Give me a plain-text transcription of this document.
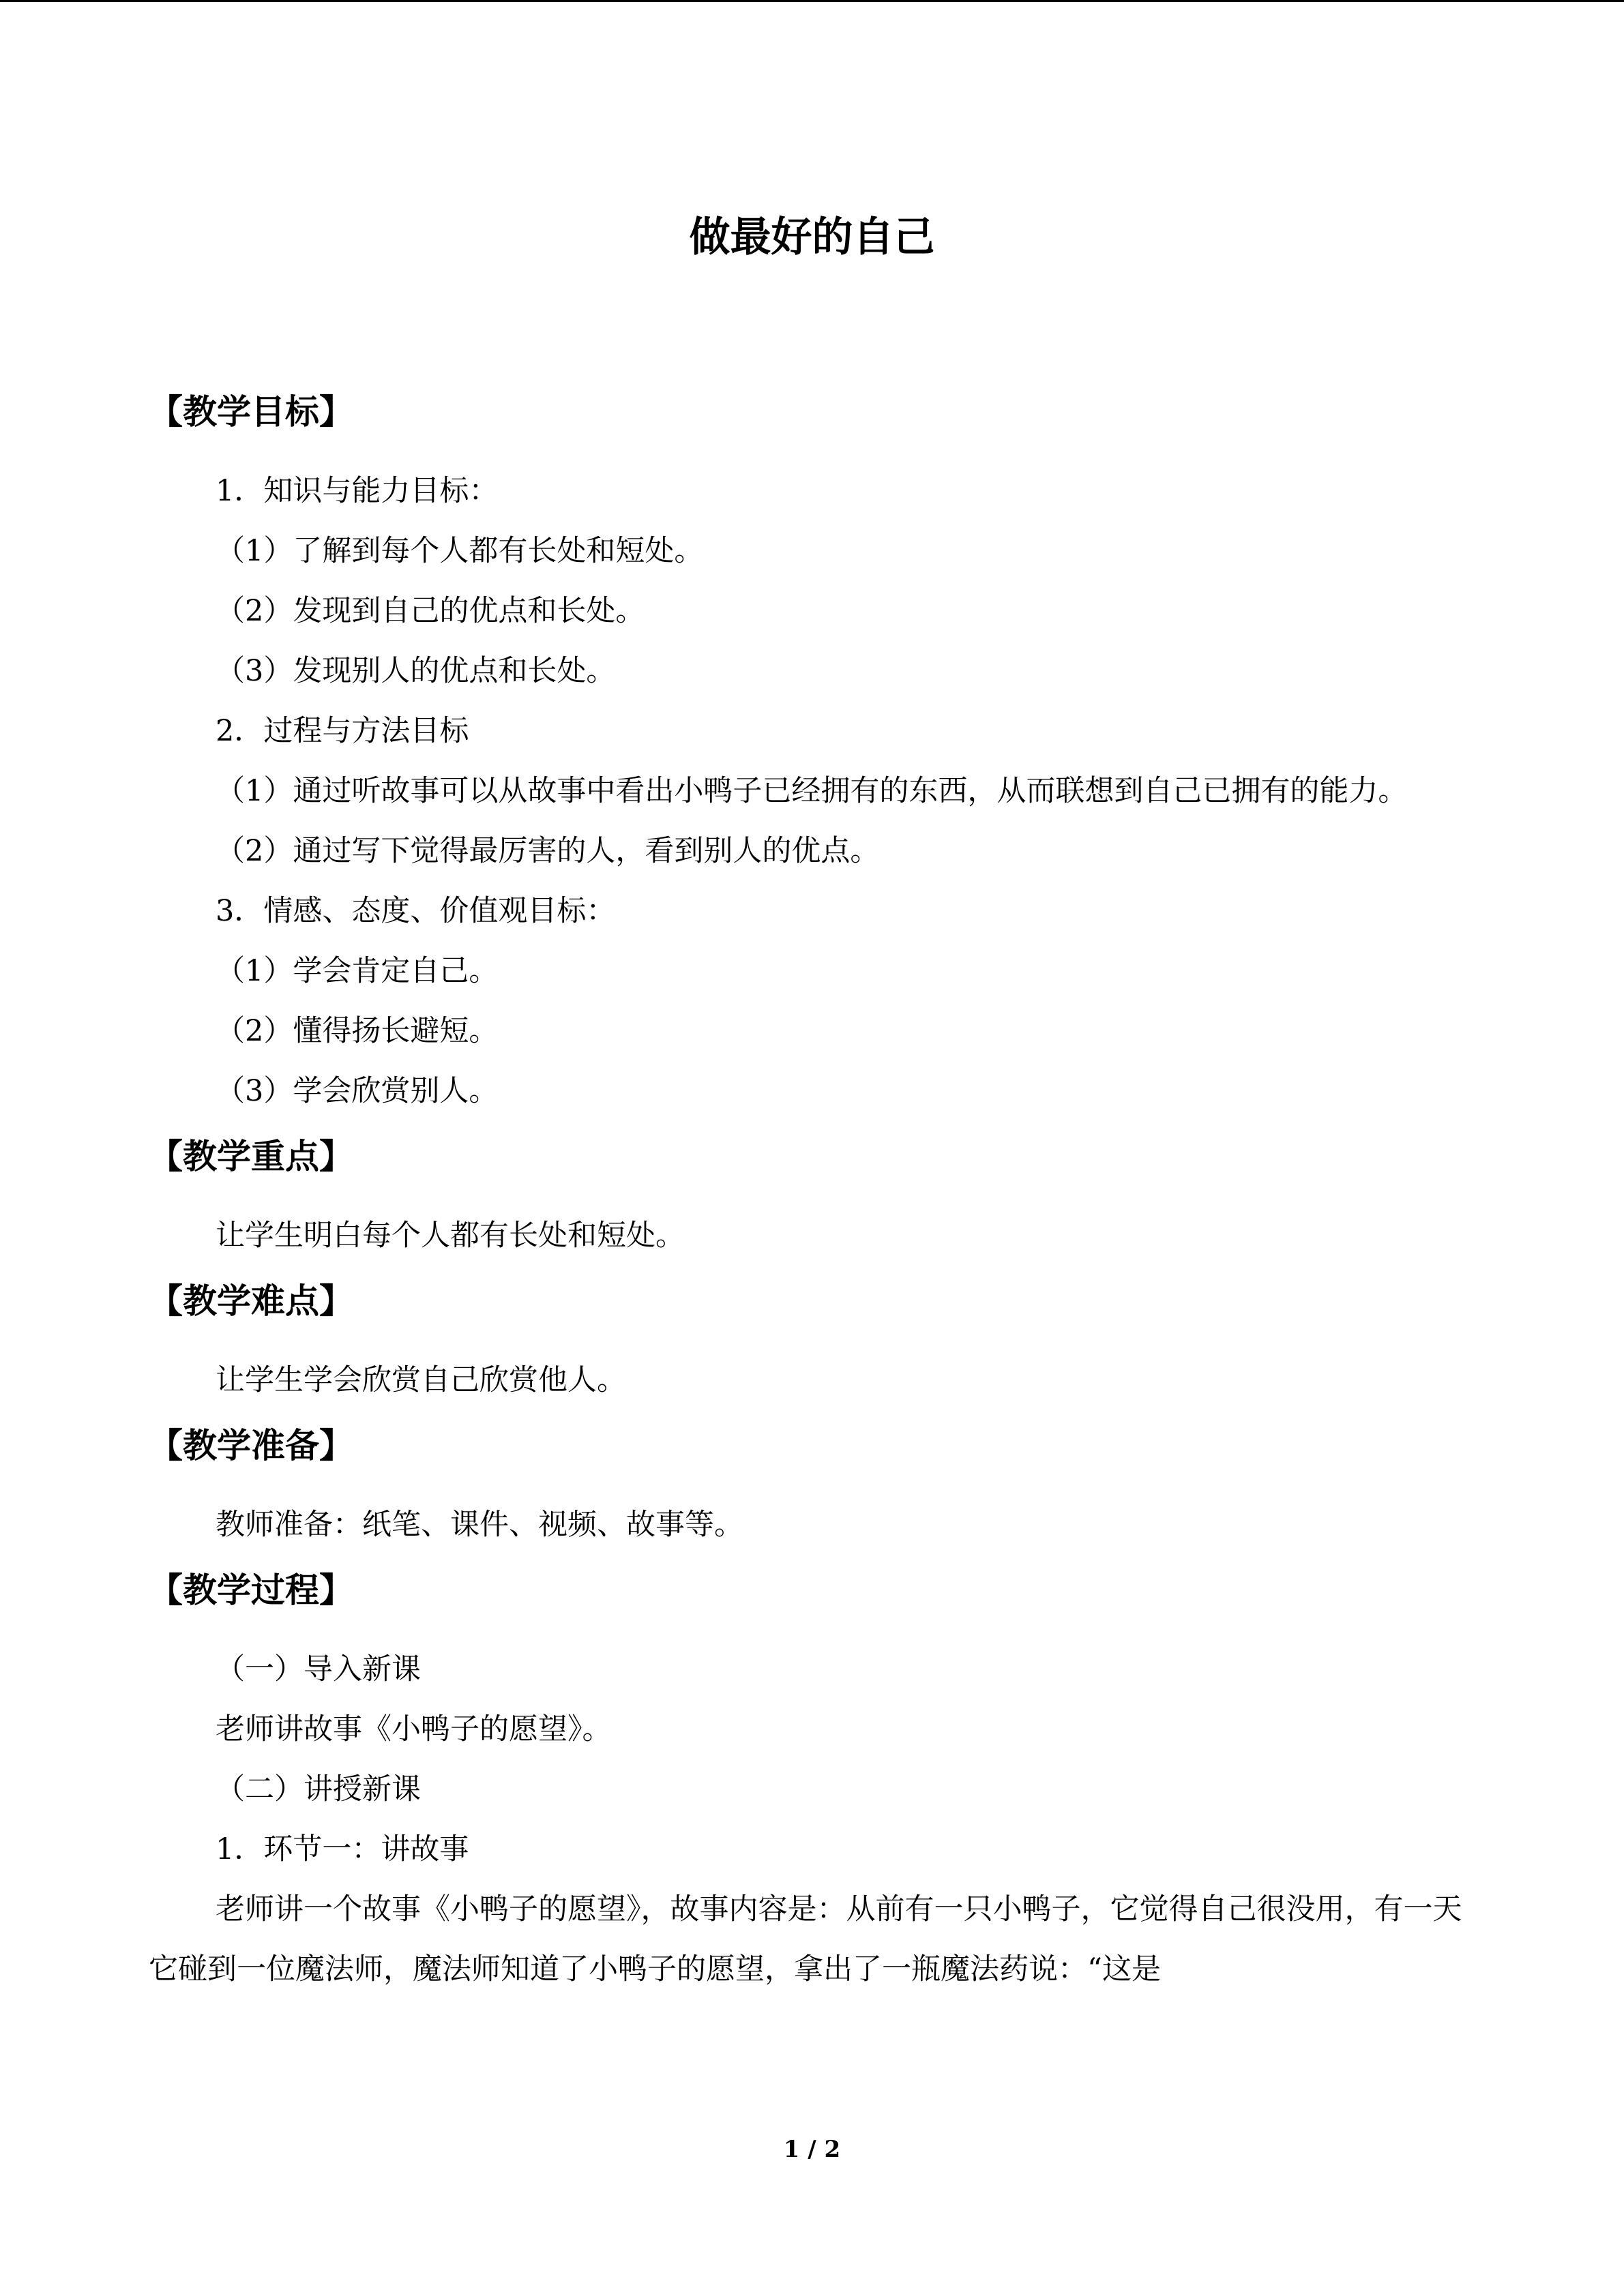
做最好的自己
【教学目标】

1．知识与能力目标：

（1）了解到每个人都有长处和短处。

（2）发现到自己的优点和长处。

（3）发现别人的优点和长处。

2．过程与方法目标

（1）通过听故事可以从故事中看出小鸭子已经拥有的东西，从而联想到自己已拥有的能力。

（2）通过写下觉得最厉害的人，看到别人的优点。

3．情感、态度、价值观目标：

（1）学会肯定自己。

（2）懂得扬长避短。

（3）学会欣赏别人。

【教学重点】

让学生明白每个人都有长处和短处。

【教学难点】

让学生学会欣赏自己欣赏他人。

【教学准备】

教师准备：纸笔、课件、视频、故事等。

【教学过程】

（一）导入新课

老师讲故事《小鸭子的愿望》。

（二）讲授新课

1．环节一：讲故事

老师讲一个故事《小鸭子的愿望》，故事内容是：从前有一只小鸭子，它觉得自己很没用，有一天它碰到一位魔法师，魔法师知道了小鸭子的愿望，拿出了一瓶魔法药说：“这是

1 / 2
